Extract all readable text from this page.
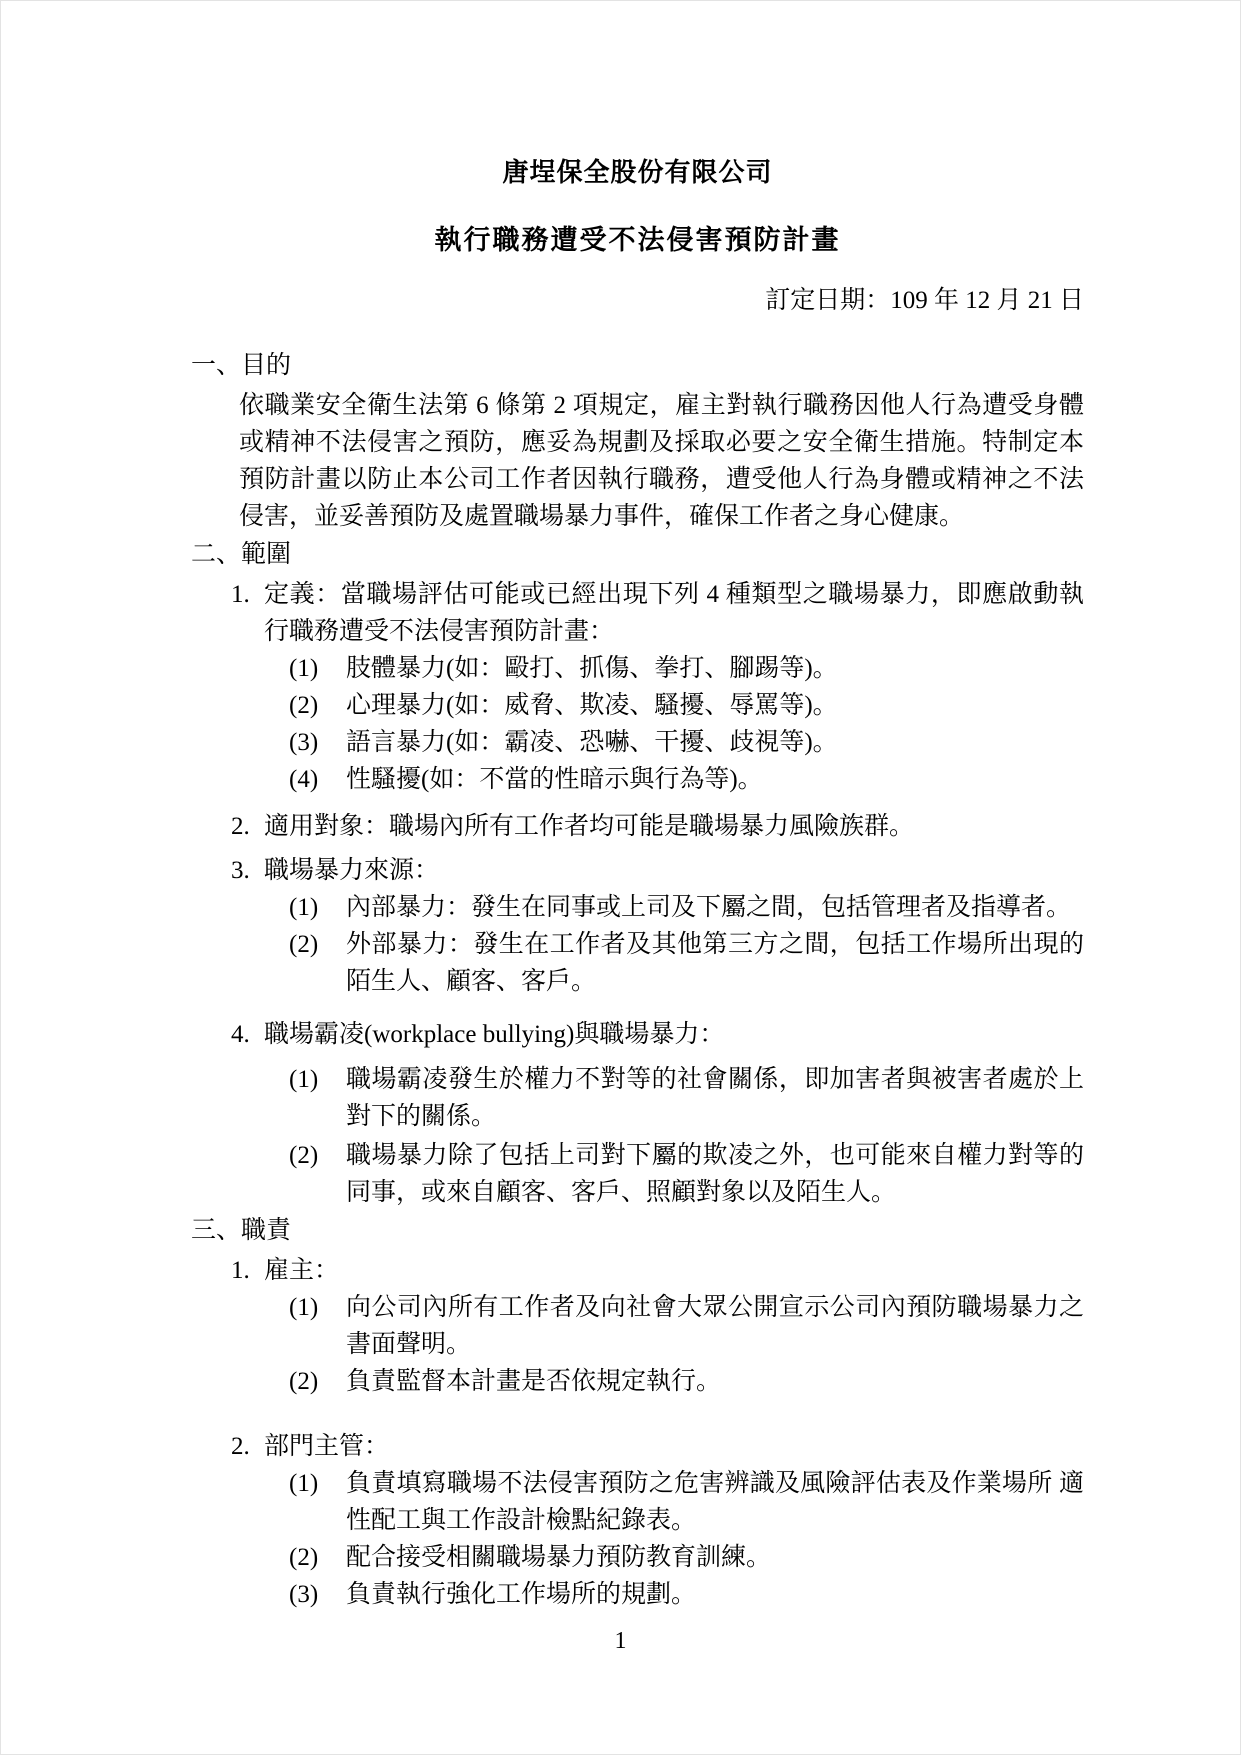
唐埕保全股份有限公司
執行職務遭受不法侵害預防計畫
訂定日期：109 年 12 月 21 日
一、目的
依職業安全衛生法第 6 條第 2 項規定，雇主對執行職務因他人行為遭受身體或精神不法侵害之預防，應妥為規劃及採取必要之安全衛生措施。特制定本預防計畫以防止本公司工作者因執行職務，遭受他人行為身體或精神之不法侵害，並妥善預防及處置職場暴力事件，確保工作者之身心健康。
二、範圍
1. 定義：當職場評估可能或已經出現下列 4 種類型之職場暴力，即應啟動執行職務遭受不法侵害預防計畫：
(1)	肢體暴力(如：毆打、抓傷、拳打、腳踢等)。
(2)	心理暴力(如：威脅、欺凌、騷擾、辱罵等)。
(3)	語言暴力(如：霸凌、恐嚇、干擾、歧視等)。
(4)	性騷擾(如：不當的性暗示與行為等)。
2. 適用對象：職場內所有工作者均可能是職場暴力風險族群。
3. 職場暴力來源：
(1)	內部暴力：發生在同事或上司及下屬之間，包括管理者及指導者。
(2)	外部暴力：發生在工作者及其他第三方之間，包括工作場所出現的陌生人、顧客、客戶。
4. 職場霸凌(workplace bullying)與職場暴力：
(1)	職場霸凌發生於權力不對等的社會關係，即加害者與被害者處於上對下的關係。
(2)	職場暴力除了包括上司對下屬的欺凌之外，也可能來自權力對等的同事，或來自顧客、客戶、照顧對象以及陌生人。
三、職責
1. 雇主：
(1)	向公司內所有工作者及向社會大眾公開宣示公司內預防職場暴力之書面聲明。
(2)	負責監督本計畫是否依規定執行。
2. 部門主管：
(1)	負責填寫職場不法侵害預防之危害辨識及風險評估表及作業場所 適性配工與工作設計檢點紀錄表。
(2)	配合接受相關職場暴力預防教育訓練。
(3)	負責執行強化工作場所的規劃。
1
